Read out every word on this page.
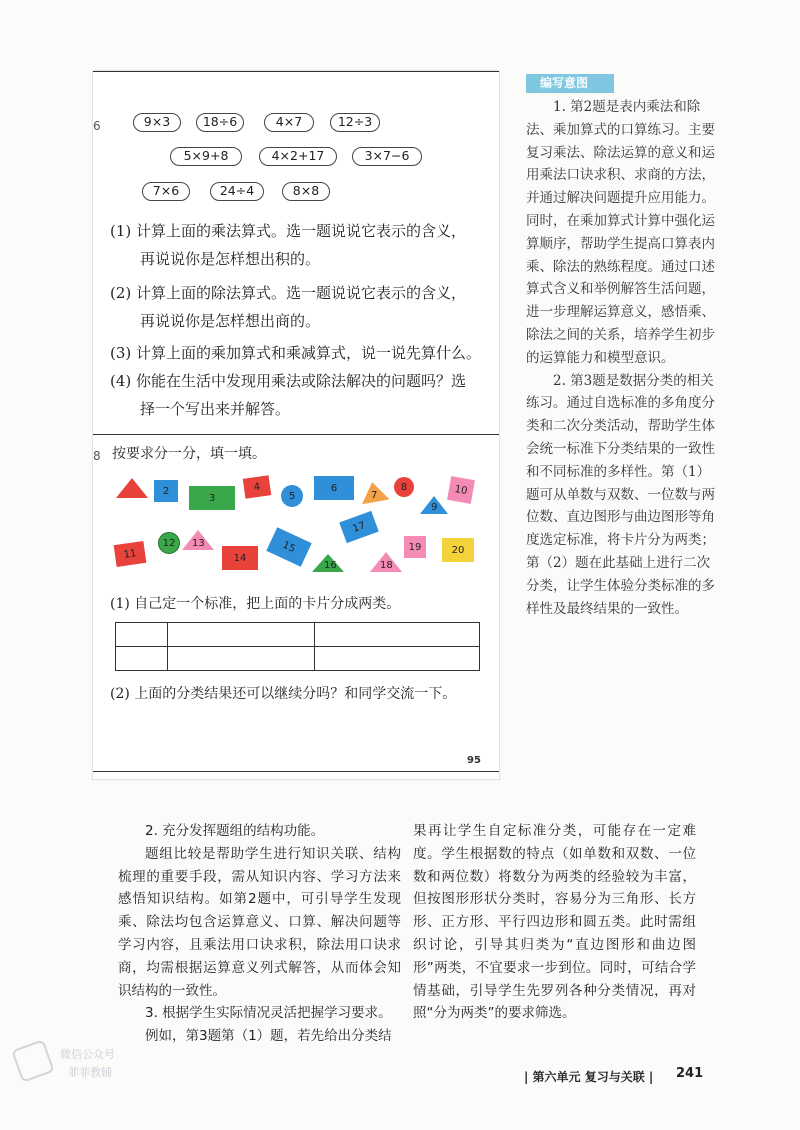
6	9×3	18÷6	4×7	12÷3
5×9+8	4×2+17	3×7−6
7×6	24÷4	8×8
(1) 计算上面的乘法算式。选一题说说它表示的含义，
再说说你是怎样想出积的。
(2) 计算上面的除法算式。选一题说说它表示的含义，
再说说你是怎样想出商的。
(3) 计算上面的乘加算式和乘减算式，说一说先算什么。
(4) 你能在生活中发现用乘法或除法解决的问题吗？选
择一个写出来并解答。
8 按要求分一分，填一填。
2
3
4
5
6
7
8
9
10
11
12 13
14
15
16
17
18
19	20
(1) 自己定一个标准，把上面的卡片分成两类。

(2) 上面的分类结果还可以继续分吗？和同学交流一下。
95
编写意图

1. 第2题是表内乘法和除法、乘加算式的口算练习。主要复习乘法、除法运算的意义和运用乘法口诀求积、求商的方法，并通过解决问题提升应用能力。同时，在乘加算式计算中强化运算顺序，帮助学生提高口算表内乘、除法的熟练程度。通过口述算式含义和举例解答生活问题，进一步理解运算意义，感悟乘、除法之间的关系，培养学生初步的运算能力和模型意识。

2. 第3题是数据分类的相关练习。通过自选标准的多角度分类和二次分类活动，帮助学生体会统一标准下分类结果的一致性和不同标准的多样性。第（1）题可从单数与双数、一位数与两位数、直边图形与曲边图形等角度选定标准，将卡片分为两类；第（2）题在此基础上进行二次分类，让学生体验分类标准的多样性及最终结果的一致性。

2. 充分发挥题组的结构功能。

题组比较是帮助学生进行知识关联、结构梳理的重要手段，需从知识内容、学习方法来感悟知识结构。如第2题中，可引导学生发现乘、除法均包含运算意义、口算、解决问题等学习内容，且乘法用口诀求积，除法用口诀求商，均需根据运算意义列式解答，从而体会知识结构的一致性。

3. 根据学生实际情况灵活把握学习要求。

例如，第3题第（1）题，若先给出分类结

果再让学生自定标准分类，可能存在一定难度。学生根据数的特点（如单数和双数、一位数和两位数）将数分为两类的经验较为丰富，但按图形形状分类时，容易分为三角形、长方形、正方形、平行四边形和圆五类。此时需组织讨论，引导其归类为“直边图形和曲边图形”两类，不宜要求一步到位。同时，可结合学情基础，引导学生先罗列各种分类情况，再对照“分为两类”的要求筛选。

| 第六单元 复习与关联 | 241
微信公众号
菲菲教辅
